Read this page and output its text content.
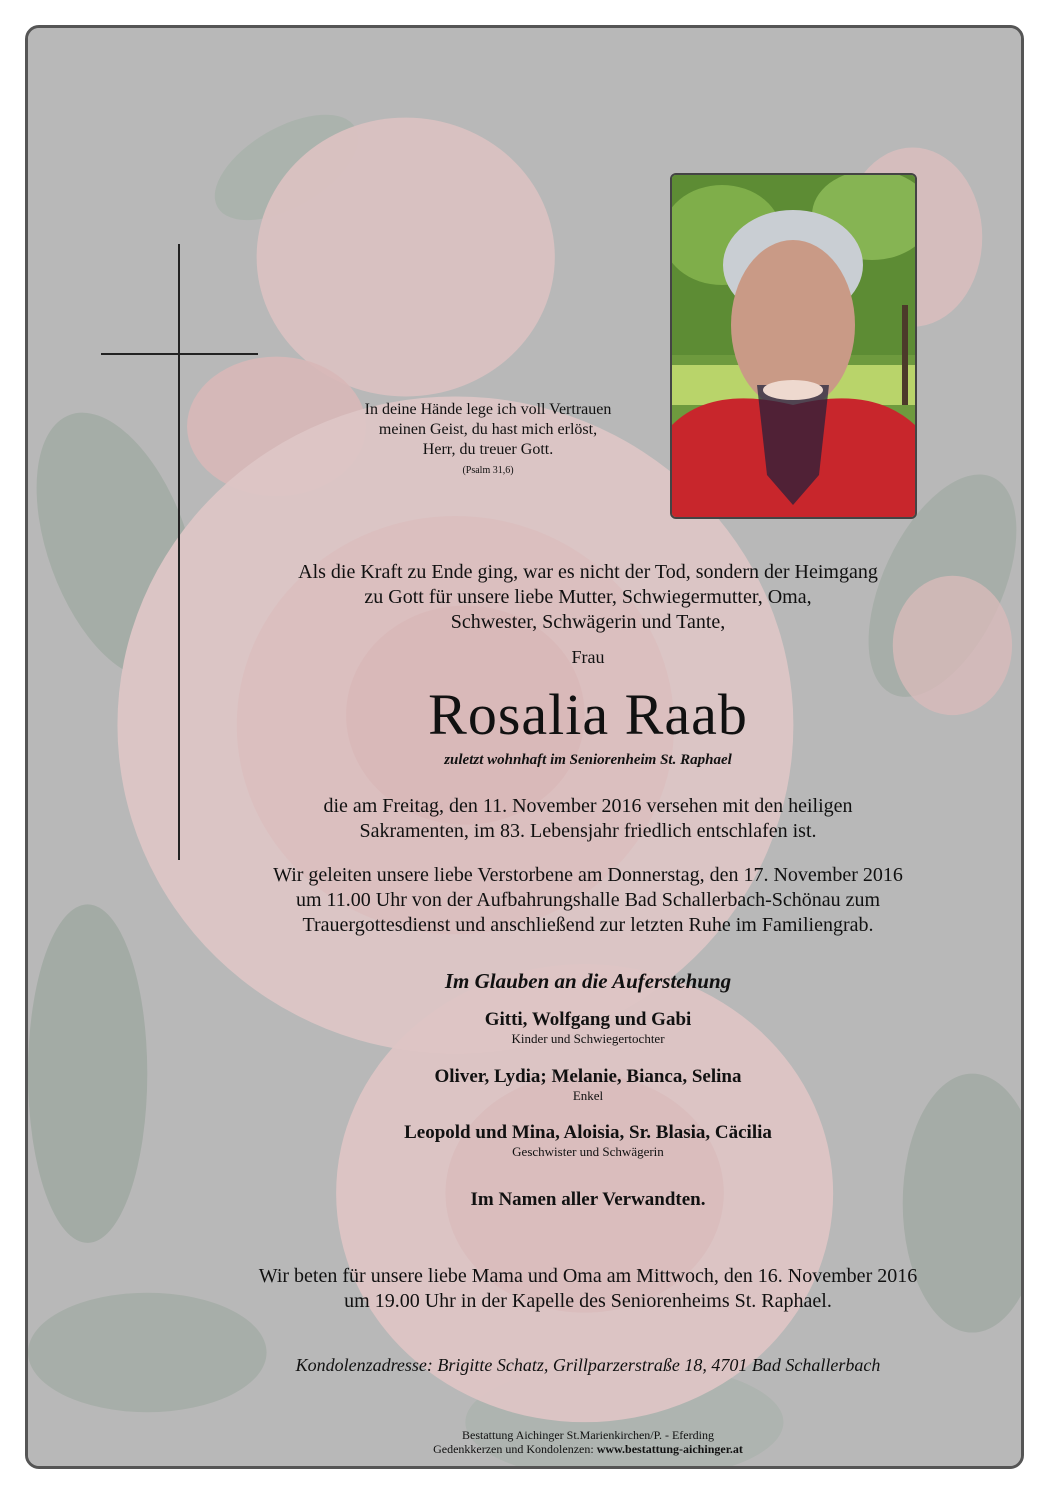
In deine Hände lege ich voll Vertrauen
meinen Geist, du hast mich erlöst,
Herr, du treuer Gott.
(Psalm 31,6)
Als die Kraft zu Ende ging, war es nicht der Tod, sondern der Heimgang
zu Gott für unsere liebe Mutter, Schwiegermutter, Oma,
Schwester, Schwägerin und Tante,
Frau
Rosalia Raab
zuletzt wohnhaft im Seniorenheim St. Raphael
die am Freitag, den 11. November 2016 versehen mit den heiligen
Sakramenten, im 83. Lebensjahr friedlich entschlafen ist.
Wir geleiten unsere liebe Verstorbene am Donnerstag, den 17. November 2016
um 11.00 Uhr von der Aufbahrungshalle Bad Schallerbach-Schönau zum
Trauergottesdienst und anschließend zur letzten Ruhe im Familiengrab.
Im Glauben an die Auferstehung
Gitti, Wolfgang und Gabi
Kinder und Schwiegertochter
Oliver, Lydia; Melanie, Bianca, Selina
Enkel
Leopold und Mina, Aloisia, Sr. Blasia, Cäcilia
Geschwister und Schwägerin
Im Namen aller Verwandten.
Wir beten für unsere liebe Mama und Oma am Mittwoch, den 16. November 2016
um 19.00 Uhr in der Kapelle des Seniorenheims St. Raphael.
Kondolenzadresse: Brigitte Schatz, Grillparzerstraße 18, 4701 Bad Schallerbach
Bestattung Aichinger St.Marienkirchen/P. - Eferding
Gedenkkerzen und Kondolenzen: www.bestattung-aichinger.at
